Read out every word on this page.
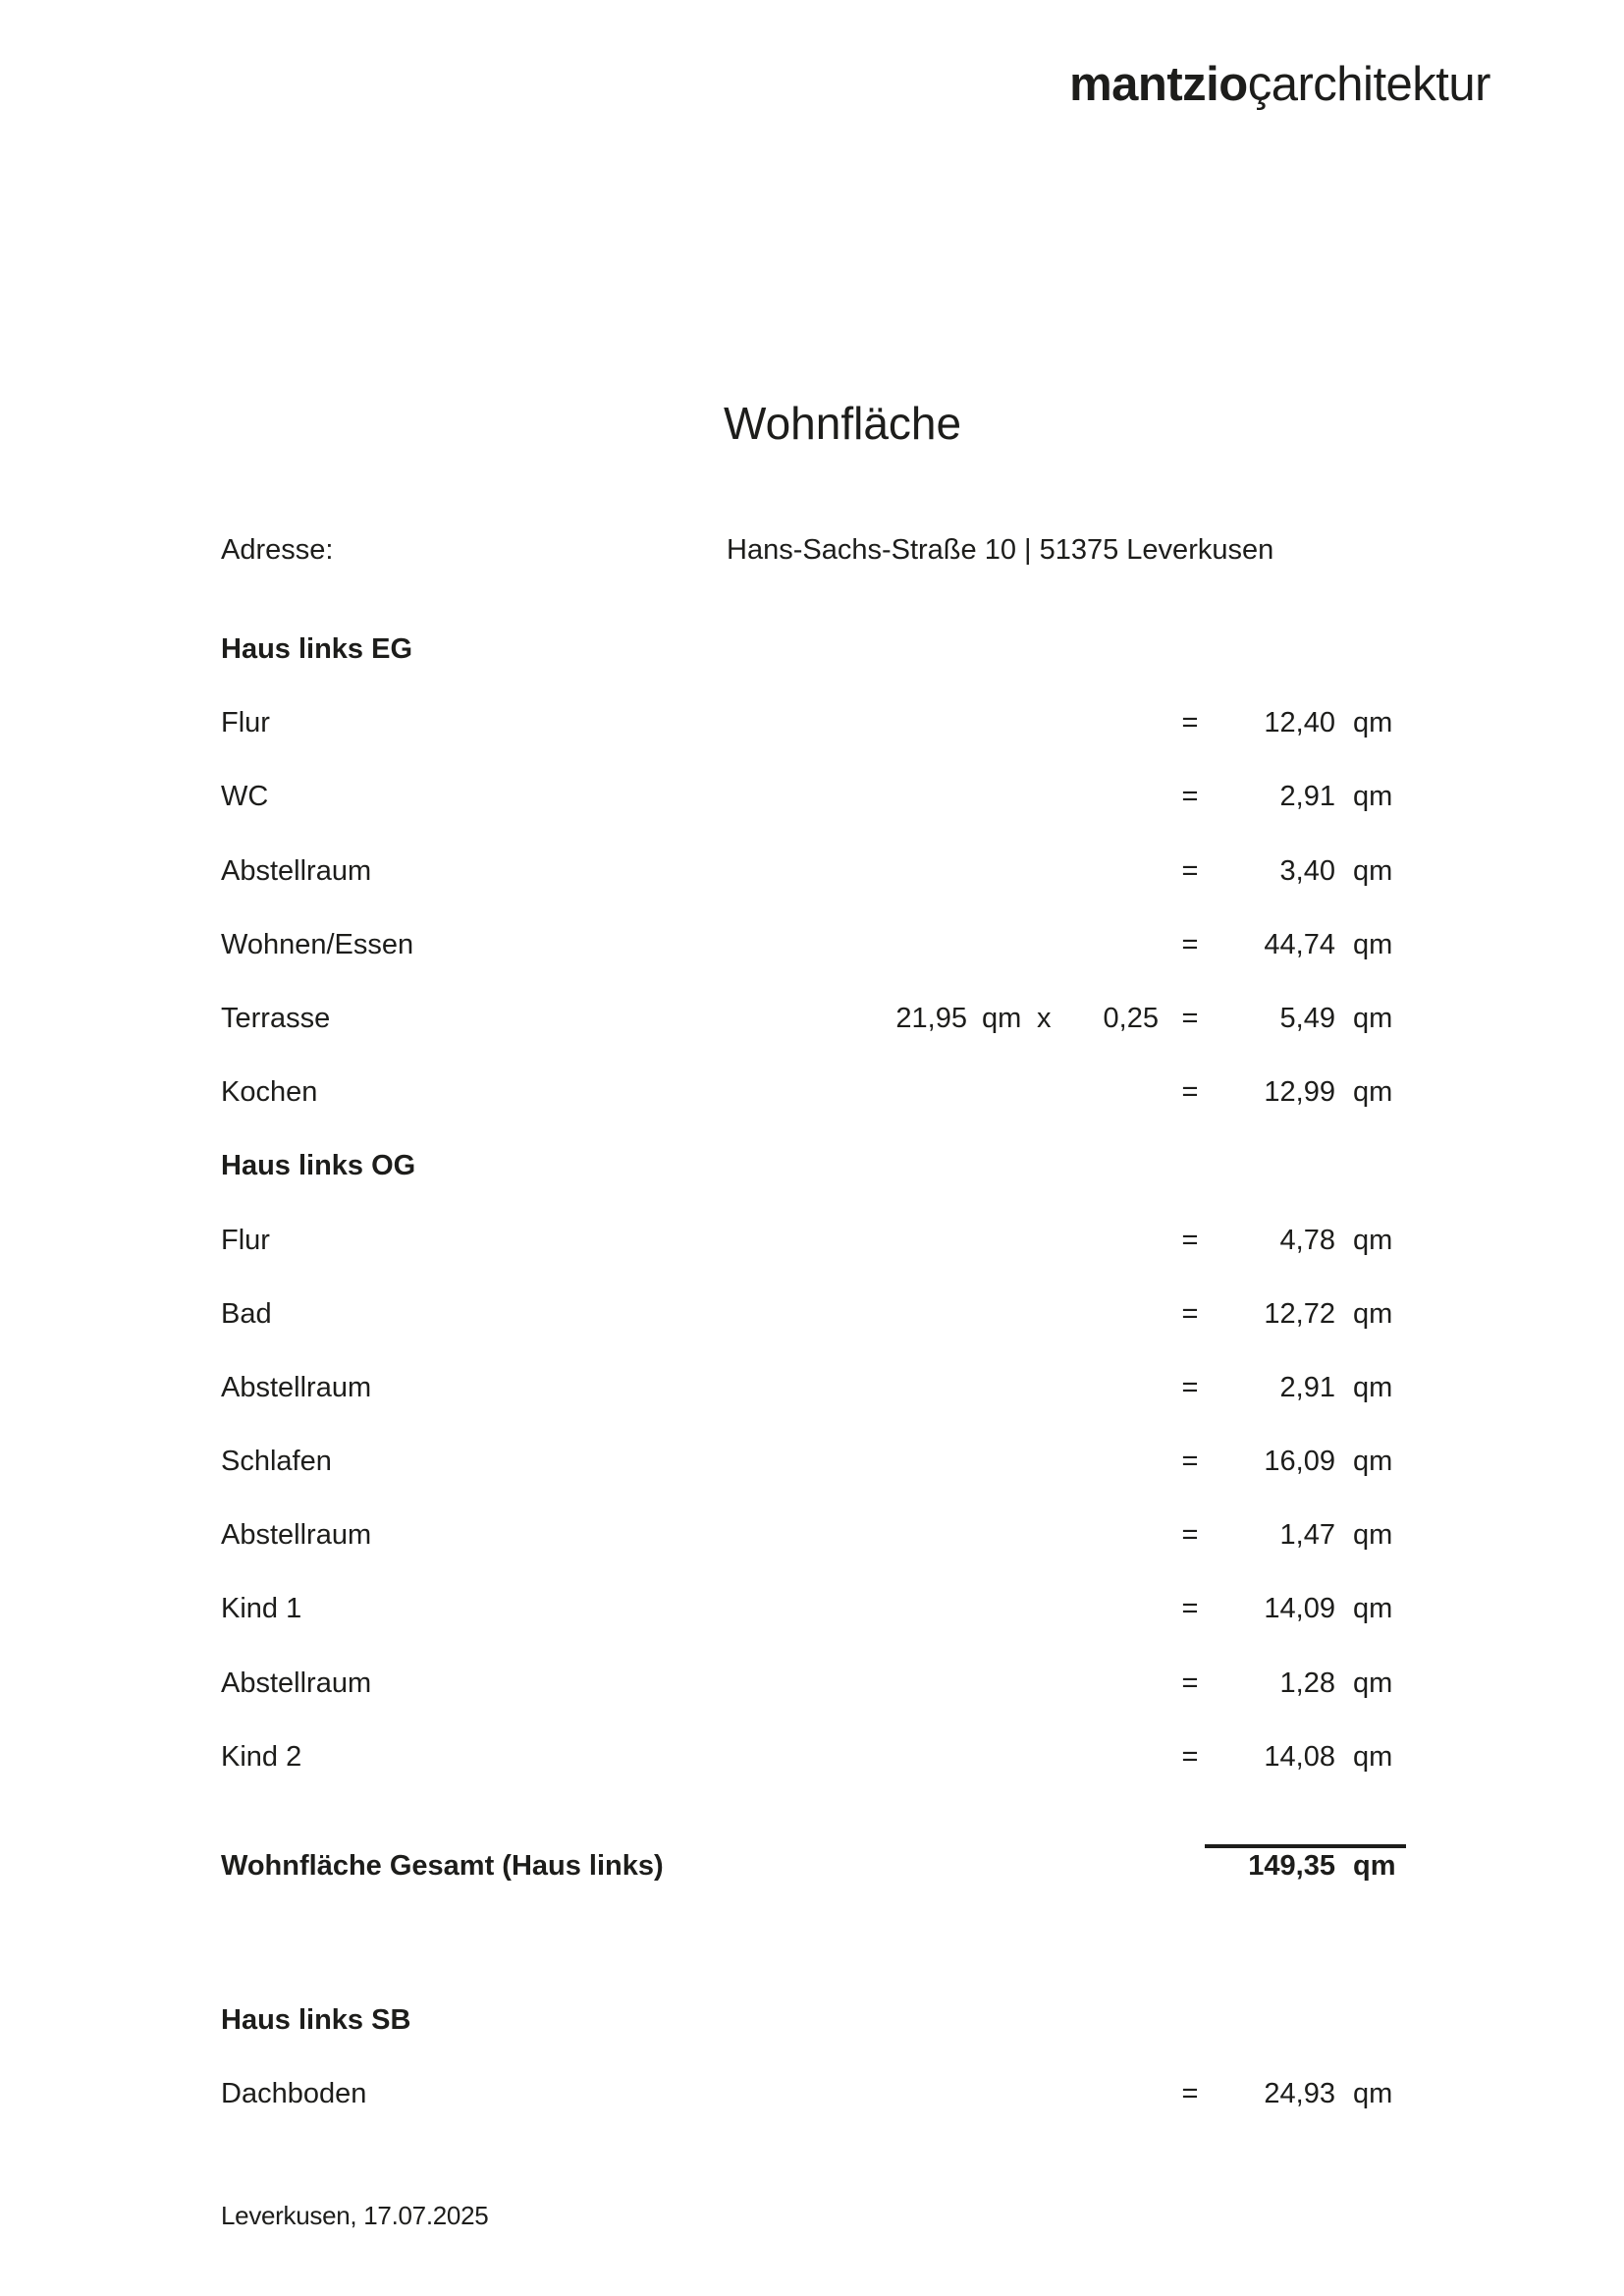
mantzioçarchitektur
Wohnfläche
Adresse:	Hans-Sachs-Straße 10 | 51375 Leverkusen
Haus links EG
Flur	=	12,40 qm
WC	=	2,91 qm
Abstellraum	=	3,40 qm
Wohnen/Essen	=	44,74 qm
Terrasse	21,95 qm x	0,25 =	5,49 qm
Kochen	=	12,99 qm
Haus links OG
Flur	=	4,78 qm
Bad	=	12,72 qm
Abstellraum	=	2,91 qm
Schlafen	=	16,09 qm
Abstellraum	=	1,47 qm
Kind 1	=	14,09 qm
Abstellraum	=	1,28 qm
Kind 2	=	14,08 qm
Wohnfläche Gesamt (Haus links)	149,35 qm
Haus links SB
Dachboden	=	24,93 qm
Leverkusen, 17.07.2025
